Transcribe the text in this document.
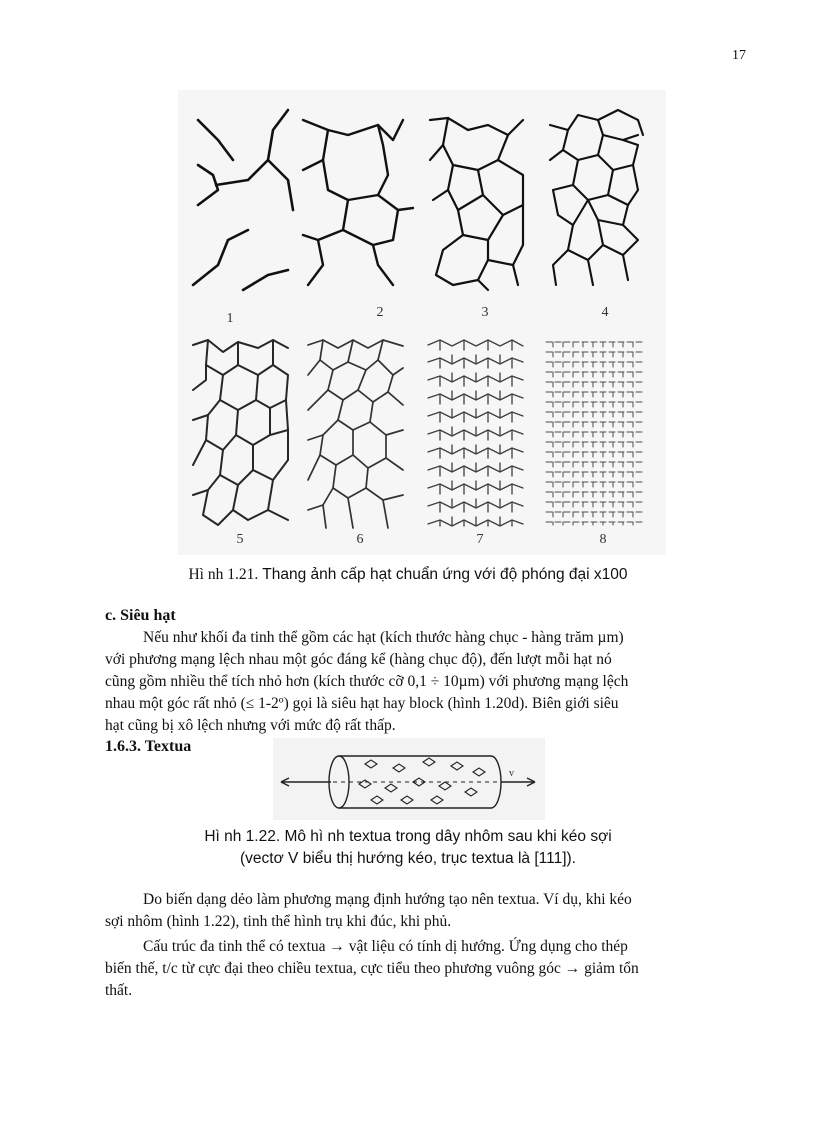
17
1	2	3	4
5	6	7	8
Hì nh 1.21. Thang ảnh cấp hạt chuẩn ứng với độ phóng đại x100
c. Siêu hạt
Nếu như khối đa tinh thể gồm các hạt (kích thước hàng chục - hàng trăm µm)
với phương mạng lệch nhau một góc đáng kể (hàng chục độ), đến lượt mỗi hạt nó
cũng gồm nhiều thể tích nhỏ hơn (kích thước cỡ 0,1 ÷ 10µm) với phương mạng lệch
nhau một góc rất nhỏ (≤ 1-2º) gọi là siêu hạt hay block (hình 1.20d). Biên giới siêu
hạt cũng bị xô lệch nhưng với mức độ rất thấp.
1.6.3. Textua
v
Hì nh 1.22. Mô hì nh textua trong dây nhôm sau khi kéo sợi
(vectơ V biểu thị hướng kéo, trục textua là [111]).
Do biến dạng dẻo làm phương mạng định hướng tạo nên textua. Ví dụ, khi kéo
sợi nhôm (hình 1.22), tinh thể hình trụ khi đúc, khi phủ.
Cấu trúc đa tinh thể có textua → vật liệu có tính dị hướng. Ứng dụng cho thép
biến thế, t/c từ cực đại theo chiều textua, cực tiểu theo phương vuông góc → giảm tổn
thất.
